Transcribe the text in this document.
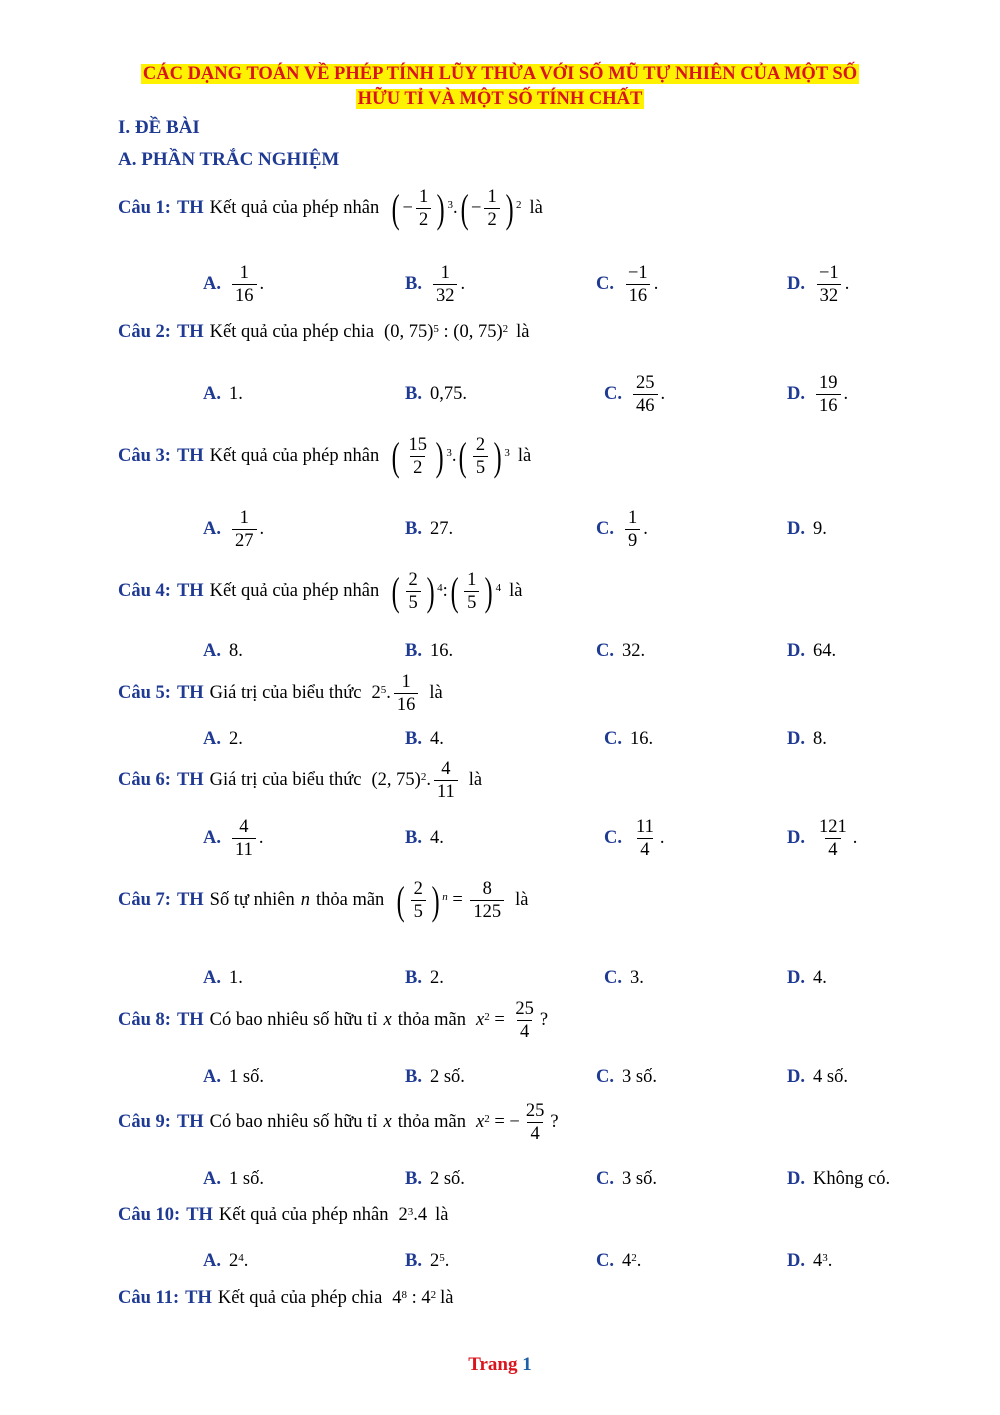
CÁC DẠNG TOÁN VỀ PHÉP TÍNH LŨY THỪA VỚI SỐ MŨ TỰ NHIÊN CỦA MỘT SỐ
HỮU TỈ VÀ MỘT SỐ TÍNH CHẤT
I. ĐỀ BÀI
A. PHẦN TRẮC NGHIỆM
Câu 1: TH Kết quả của phép nhân ( − $\frac{1}{2} )^3$ . ( − $\frac{1}{2} )^2$ là
A. $\frac{1}{16}$ .	B. $\frac{1}{32}$ .	C. $\frac{-1}{16}$ .	D. $\frac{-1}{32}$ .
Câu 2: TH Kết quả của phép chia ( 0, 75 )$^5$ : ( 0, 75 )$^2$ là
A. 1 .	B. 0,75 .	C. $\frac{25}{46}$ .	D. $\frac{19}{16}$ .
Câu 3: TH Kết quả của phép nhân ( $\frac{15}{2} )^3$ . ( $\frac{2}{5} )^3$ là
A. $\frac{1}{27}$ .	B. 27 .	C. $\frac{1}{9}$ .	D. 9 .
Câu 4: TH Kết quả của phép nhân ( $\frac{2}{5} )^4$ : ( $\frac{1}{5} )^4$ là
A. 8 .	B. 16 .	C. 32 .	D. 64 .
Câu 5: TH Giá trị của biểu thức $2^5$ . $\frac{1}{16}$ là
A. 2 .	B. 4 .	C. 16 .	D. 8 .
Câu 6: TH Giá trị của biểu thức ( 2, 75 )$^2$ . $\frac{4}{11}$ là
A. $\frac{4}{11}$ .	B. 4 .	C. $\frac{11}{4}$ .	D. $\frac{121}{4}$ .
Câu 7: TH Số tự nhiên n thỏa mãn ( $\frac{2}{5}$ ) $^n = \frac{8}{125}$ là
A. 1 .	B. 2 .	C. 3 .	D. 4 .
Câu 8: TH Có bao nhiêu số hữu tỉ x thỏa mãn $x^2 = \frac{25}{4}$ ?
A. 1 số.	B. 2 số.	C. 3 số.	D. 4 số.
Câu 9: TH Có bao nhiêu số hữu tỉ x thỏa mãn $x^2$ = − $\frac{25}{4}$ ?
A. 1 số.	B. 2 số.	C. 3 số.	D. Không có.
Câu 10: TH Kết quả của phép nhân $2^3$ . 4 là
A. $2^4$ .	B. $2^5$ .	C. $4^2$ .	D. $4^3$ .
Câu 11: TH Kết quả của phép chia $4^8$ : $4^2$ là
Trang 1
